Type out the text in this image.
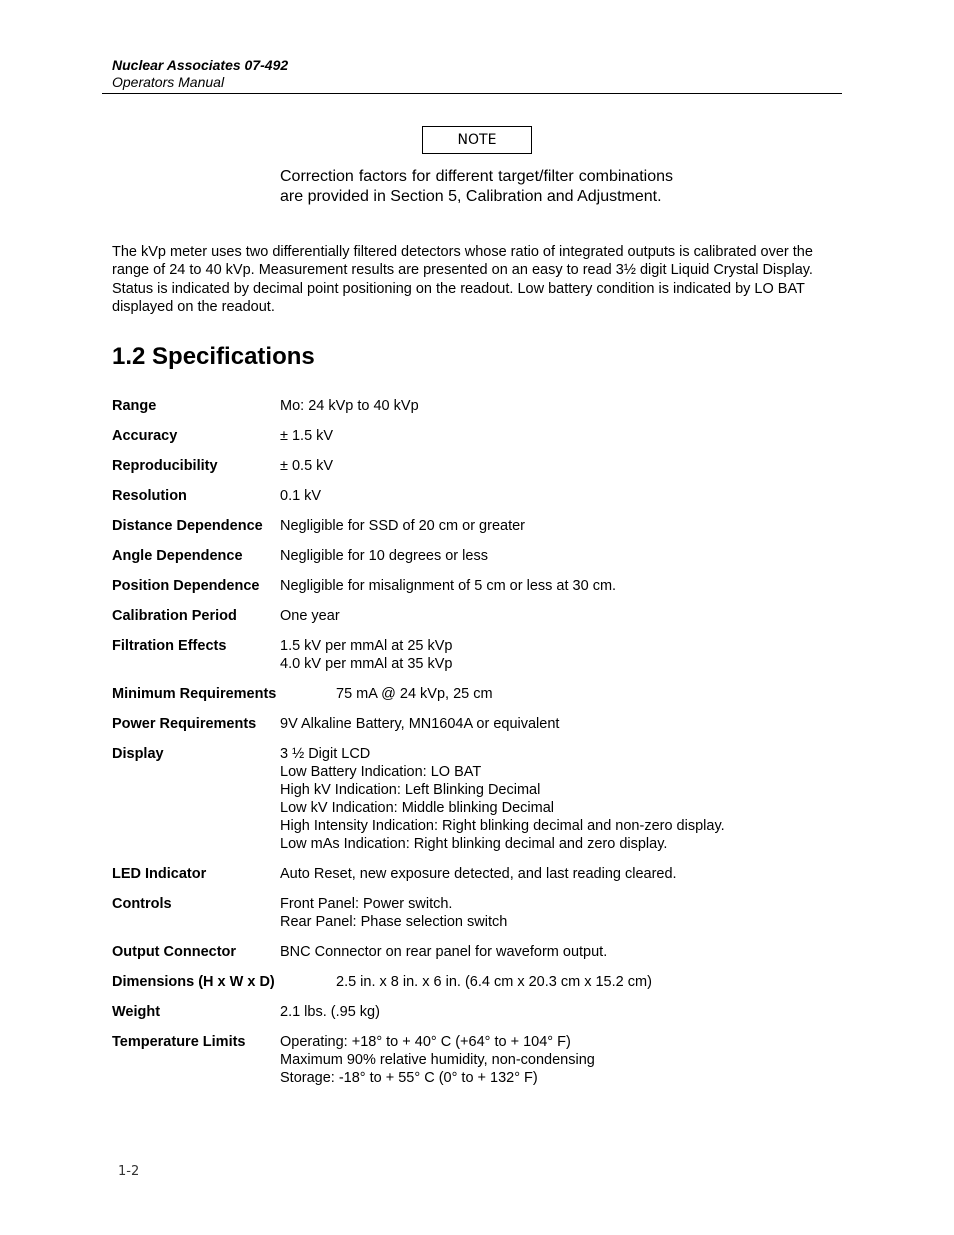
Nuclear Associates 07-492
Operators Manual
NOTE
Correction factors for different target/filter combinations are provided in Section 5, Calibration and Adjustment.
The kVp meter uses two differentially filtered detectors whose ratio of integrated outputs is calibrated over the range of 24 to 40 kVp. Measurement results are presented on an easy to read 3½ digit Liquid Crystal Display. Status is indicated by decimal point positioning on the readout. Low battery condition is indicated by LO BAT displayed on the readout.
1.2 Specifications
Range	Mo: 24 kVp to 40 kVp
Accuracy	± 1.5 kV
Reproducibility	± 0.5 kV
Resolution	0.1 kV
Distance Dependence Negligible for SSD of 20 cm or greater
Angle Dependence	Negligible for 10 degrees or less
Position Dependence Negligible for misalignment of 5 cm or less at 30 cm.
Calibration Period	One year
Filtration Effects	1.5 kV per mmAl at 25 kVp
4.0 kV per mmAl at 35 kVp
Minimum Requirements	75 mA @ 24 kVp, 25 cm
Power Requirements 9V Alkaline Battery, MN1604A or equivalent
Display	3 ½ Digit LCD
Low Battery Indication: LO BAT
High kV Indication: Left Blinking Decimal
Low kV Indication: Middle blinking Decimal
High Intensity Indication: Right blinking decimal and non-zero display.
Low mAs Indication: Right blinking decimal and zero display.
LED Indicator	Auto Reset, new exposure detected, and last reading cleared.
Controls	Front Panel: Power switch.
Rear Panel: Phase selection switch
Output Connector	BNC Connector on rear panel for waveform output.
Dimensions (H x W x D)	2.5 in. x 8 in. x 6 in. (6.4 cm x 20.3 cm x 15.2 cm)
Weight	2.1 lbs. (.95 kg)
Temperature Limits Operating: +18° to + 40° C (+64° to + 104° F)
Maximum 90% relative humidity, non-condensing
Storage: -18° to + 55° C (0° to + 132° F)
1-2
